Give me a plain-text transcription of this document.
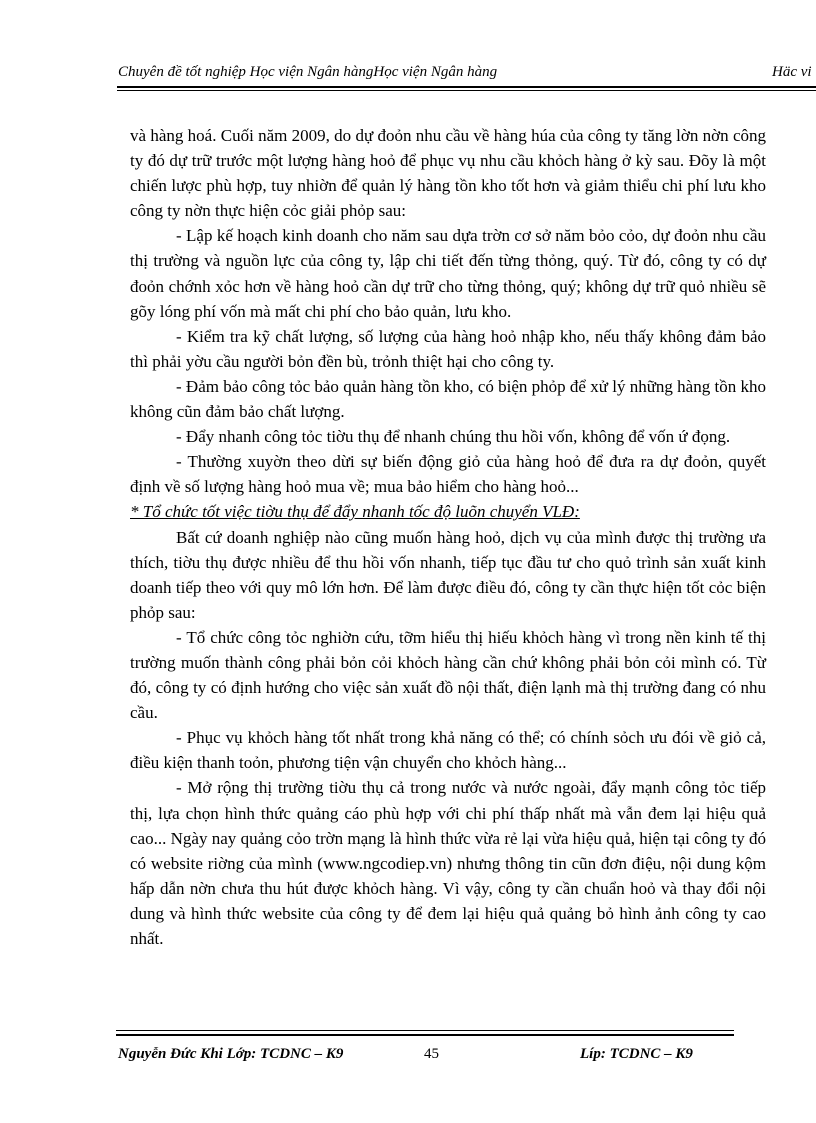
Chuyên đề tốt nghiệp Học viện Ngân hàngHọc viện Ngân hàng	Häc vi

và hàng hoá. Cuối năm 2009, do dự đoỏn nhu cầu về hàng húa của công ty tăng lờn nờn công ty đó dự trữ trước một lượng hàng hoỏ để phục vụ nhu cầu khỏch hàng ở kỳ sau. Đõy là một chiến lược phù hợp, tuy nhiờn để quản lý hàng tồn kho tốt hơn và giảm thiểu chi phí lưu kho công ty nờn thực hiện cỏc giải phỏp sau:

- Lập kế hoạch kinh doanh cho năm sau dựa trờn cơ sở năm bỏo cỏo, dự đoỏn nhu cầu thị trường và nguồn lực của công ty, lập chi tiết đến từng thỏng, quý. Từ đó, công ty có dự đoỏn chớnh xỏc hơn về hàng hoỏ cần dự trữ cho từng thỏng, quý; không dự trữ quỏ nhiều sẽ gõy lóng phí vốn mà mất chi phí cho bảo quản, lưu kho.

- Kiểm tra kỹ chất lượng, số lượng của hàng hoỏ nhập kho, nếu thấy không đảm bảo thì phải yờu cầu người bỏn đền bù, trỏnh thiệt hại cho công ty.

- Đảm bảo công tỏc bảo quản hàng tồn kho, có biện phỏp để xử lý những hàng tồn kho không cũn đảm bảo chất lượng.

- Đẩy nhanh công tỏc tiờu thụ để nhanh chúng thu hồi vốn, không để vốn ứ đọng.

- Thường xuyờn theo dừi sự biến động giỏ của hàng hoỏ để đưa ra dự đoỏn, quyết định về số lượng hàng hoỏ mua về; mua bảo hiểm cho hàng hoỏ...

* Tổ chức tốt việc tiờu thụ để đẩy nhanh tốc độ luõn chuyển VLĐ:

Bất cứ doanh nghiệp nào cũng muốn hàng hoỏ, dịch vụ của mình được thị trường ưa thích, tiờu thụ được nhiều để thu hồi vốn nhanh, tiếp tục đầu tư cho quỏ trình sản xuất kinh doanh tiếp theo với quy mô lớn hơn. Để làm được điều đó, công ty cần thực hiện tốt cỏc biện phỏp sau:

- Tổ chức công tỏc nghiờn cứu, tỡm hiểu thị hiếu khỏch hàng vì trong nền kinh tế thị trường muốn thành công phải bỏn cỏi khỏch hàng cần chứ không phải bỏn cỏi mình có. Từ đó, công ty có định hướng cho việc sản xuất đồ nội thất, điện lạnh mà thị trường đang có nhu cầu.

- Phục vụ khỏch hàng tốt nhất trong khả năng có thể; có chính sỏch ưu đói về giỏ cả, điều kiện thanh toỏn, phương tiện vận chuyển cho khỏch hàng...

- Mở rộng thị trường tiờu thụ cả trong nước và nước ngoài, đẩy mạnh công tỏc tiếp thị, lựa chọn hình thức quảng cáo phù hợp với chi phí thấp nhất mà vẫn đem lại hiệu quả cao... Ngày nay quảng cỏo trờn mạng là hình thức vừa rẻ lại vừa hiệu quả, hiện tại công ty đó có website riờng của mình (www.ngcodiep.vn) nhưng thông tin cũn đơn điệu, nội dung kộm hấp dẫn nờn chưa thu hút được khỏch hàng. Vì vậy, công ty cần chuẩn hoỏ và thay đổi nội dung và hình thức website của công ty để đem lại hiệu quả quảng bỏ hình ảnh công ty cao nhất.

Nguyễn Đức Khi Lớp: TCDNC – K9	45	Líp: TCDNC – K9
